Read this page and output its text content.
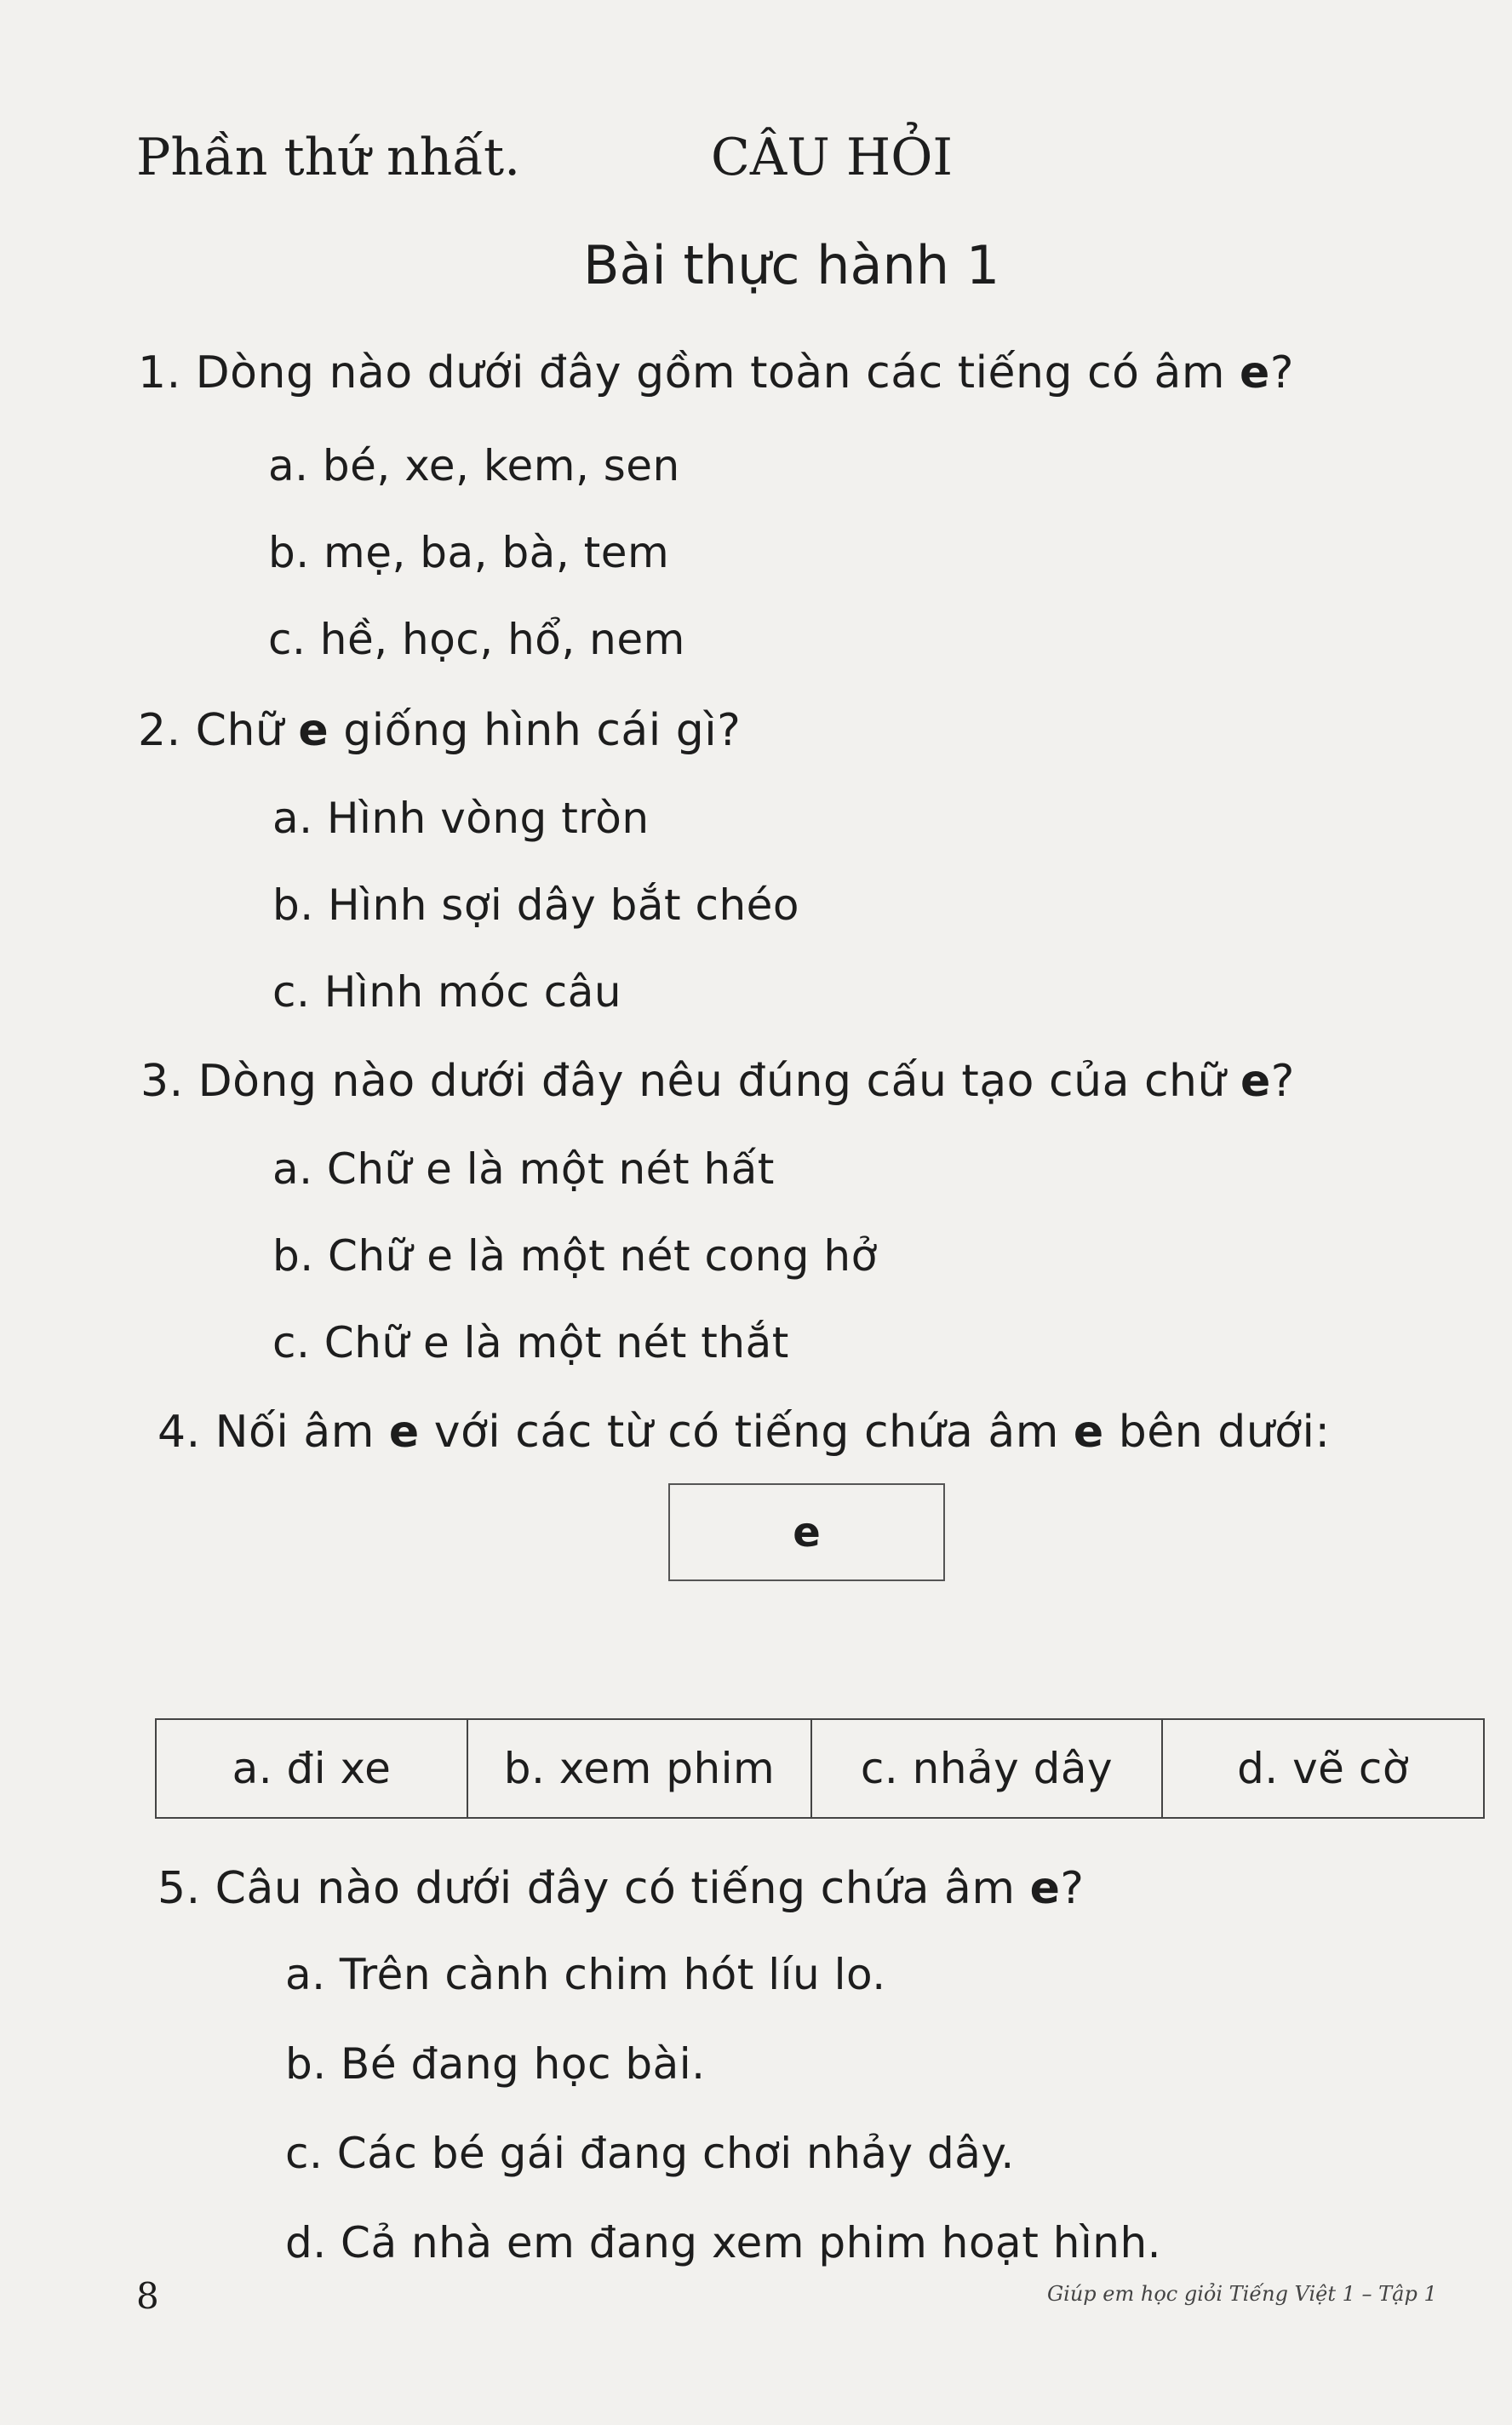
Phần thứ nhất.	CÂU HỎI
Bài thực hành 1
1. Dòng nào dưới đây gồm toàn các tiếng có âm e?
a. bé, xe, kem, sen
b. mẹ, ba, bà, tem
c. hề, học, hổ, nem
2. Chữ e giống hình cái gì?
a. Hình vòng tròn
b. Hình sợi dây bắt chéo
c. Hình móc câu
3. Dòng nào dưới đây nêu đúng cấu tạo của chữ e?
a. Chữ e là một nét hất
b. Chữ e là một nét cong hở
c. Chữ e là một nét thắt
4. Nối âm e với các từ có tiếng chứa âm e bên dưới:
e
a. đi xe	b. xem phim	c. nhảy dây	d. vẽ cờ
5. Câu nào dưới đây có tiếng chứa âm e?
a. Trên cành chim hót líu lo.
b. Bé đang học bài.
c. Các bé gái đang chơi nhảy dây.
d. Cả nhà em đang xem phim hoạt hình.
8	Giúp em học giỏi Tiếng Việt 1 – Tập 1
